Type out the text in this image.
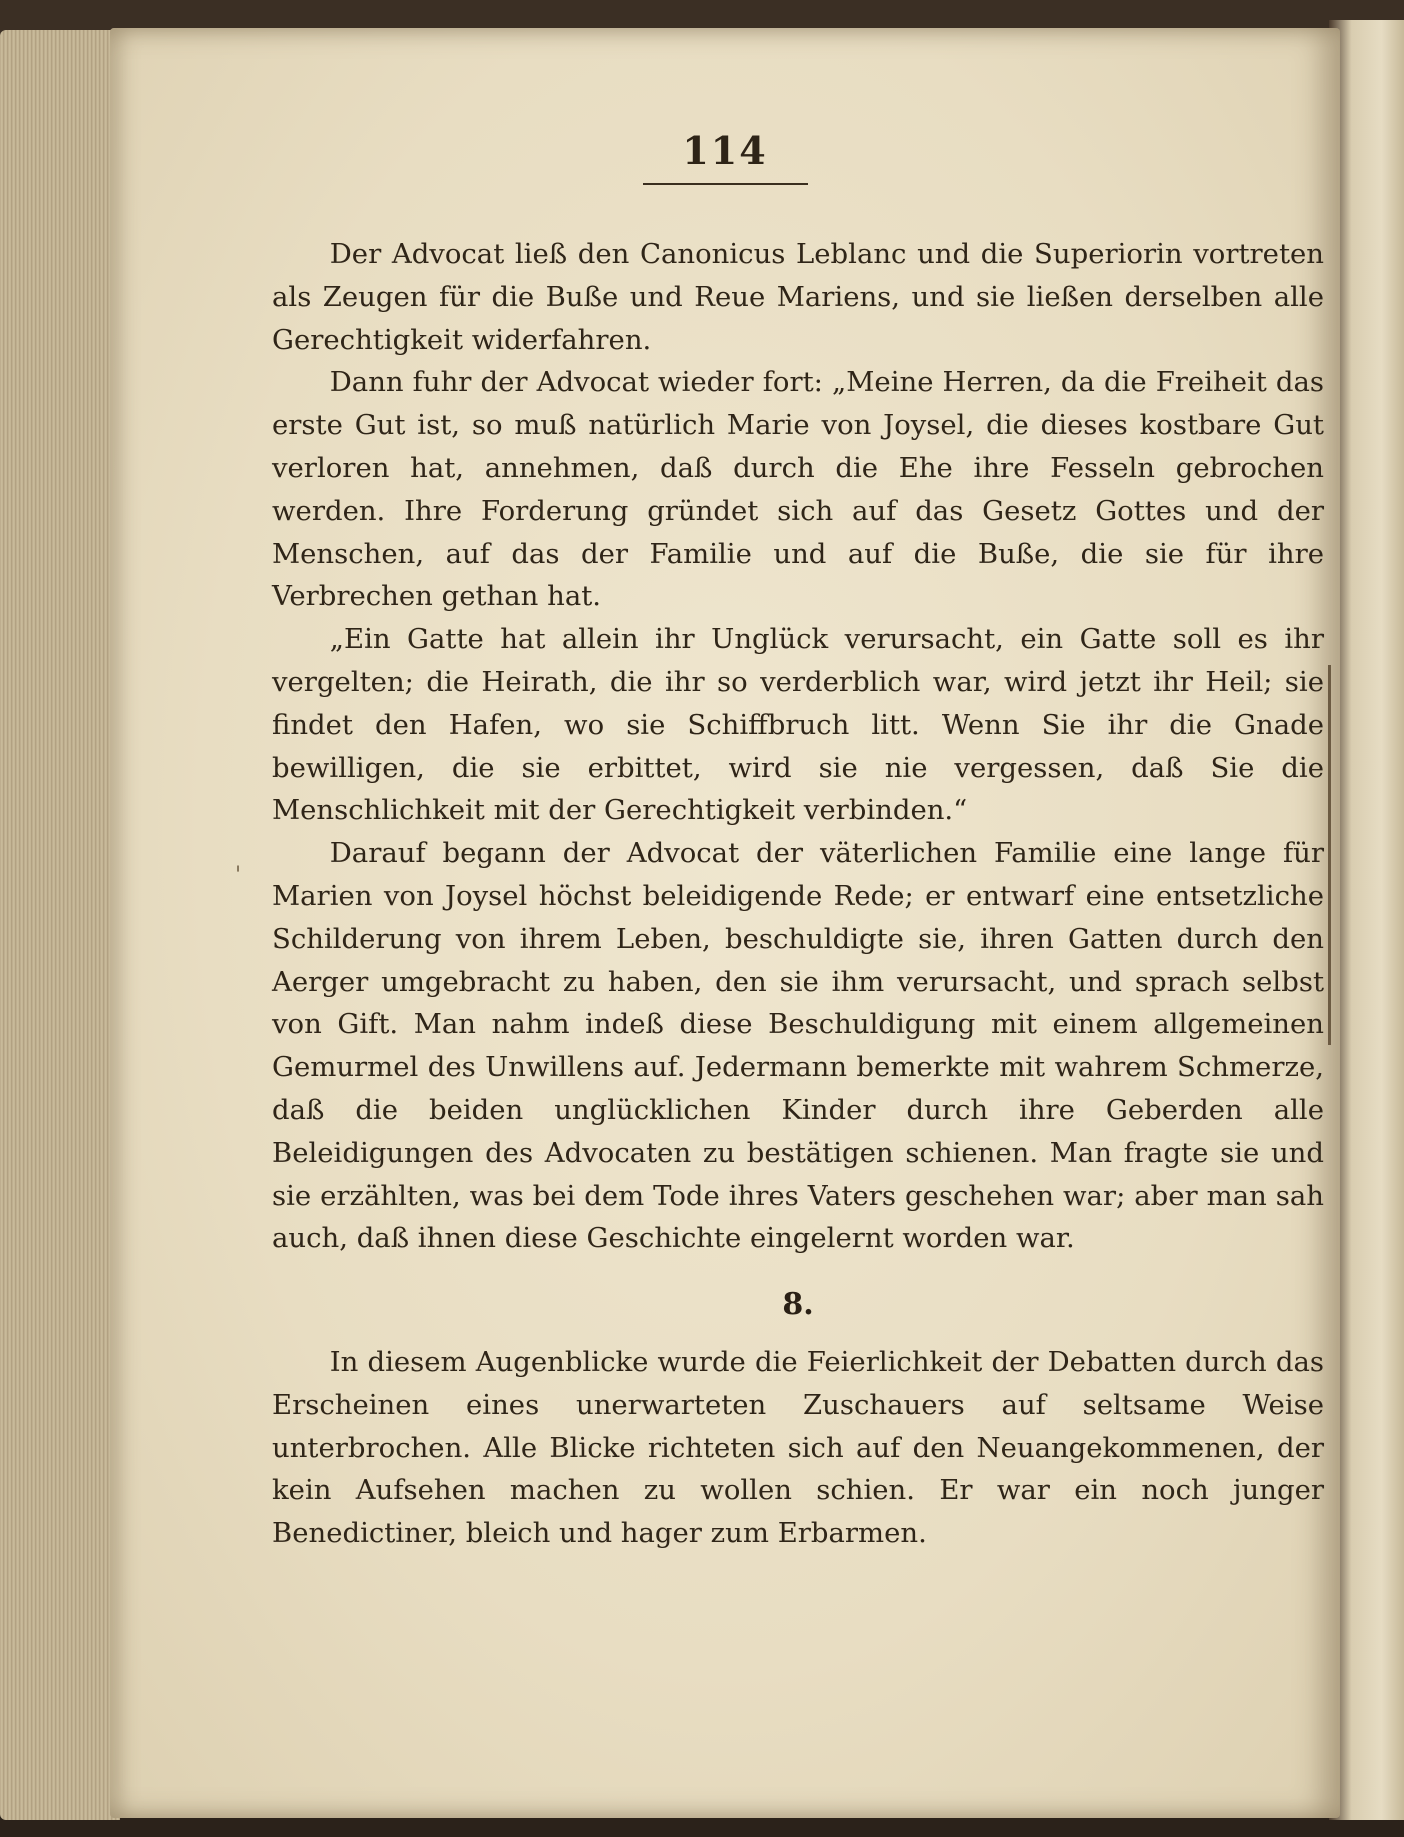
114
ꞌ

Der Advocat ließ den Canonicus Leblanc und die Superiorin vortreten als Zeugen für die Buße und Reue Mariens, und sie ließen derselben alle Gerechtigkeit widerfahren.

Dann fuhr der Advocat wieder fort: „Meine Herren, da die Freiheit das erste Gut ist, so muß natürlich Marie von Joysel, die dieses kostbare Gut verloren hat, annehmen, daß durch die Ehe ihre Fesseln gebrochen werden. Ihre Forderung gründet sich auf das Gesetz Gottes und der Menschen, auf das der Familie und auf die Buße, die sie für ihre Verbrechen gethan hat.

„Ein Gatte hat allein ihr Unglück verursacht, ein Gatte soll es ihr vergelten; die Heirath, die ihr so verderblich war, wird jetzt ihr Heil; sie findet den Hafen, wo sie Schiffbruch litt. Wenn Sie ihr die Gnade bewilligen, die sie erbittet, wird sie nie vergessen, daß Sie die Menschlichkeit mit der Gerechtigkeit verbinden.“

Darauf begann der Advocat der väterlichen Familie eine lange für Marien von Joysel höchst beleidigende Rede; er entwarf eine entsetzliche Schilderung von ihrem Leben, beschuldigte sie, ihren Gatten durch den Aerger umgebracht zu haben, den sie ihm verursacht, und sprach selbst von Gift. Man nahm indeß diese Beschuldigung mit einem allgemeinen Gemurmel des Unwillens auf. Jedermann bemerkte mit wahrem Schmerze, daß die beiden unglücklichen Kinder durch ihre Geberden alle Beleidigungen des Advocaten zu bestätigen schienen. Man fragte sie und sie erzählten, was bei dem Tode ihres Vaters geschehen war; aber man sah auch, daß ihnen diese Geschichte eingelernt worden war.

8.

In diesem Augenblicke wurde die Feierlichkeit der Debatten durch das Erscheinen eines unerwarteten Zuschauers auf seltsame Weise unterbrochen. Alle Blicke richteten sich auf den Neuangekommenen, der kein Aufsehen machen zu wollen schien. Er war ein noch junger Benedictiner, bleich und hager zum Erbarmen.
